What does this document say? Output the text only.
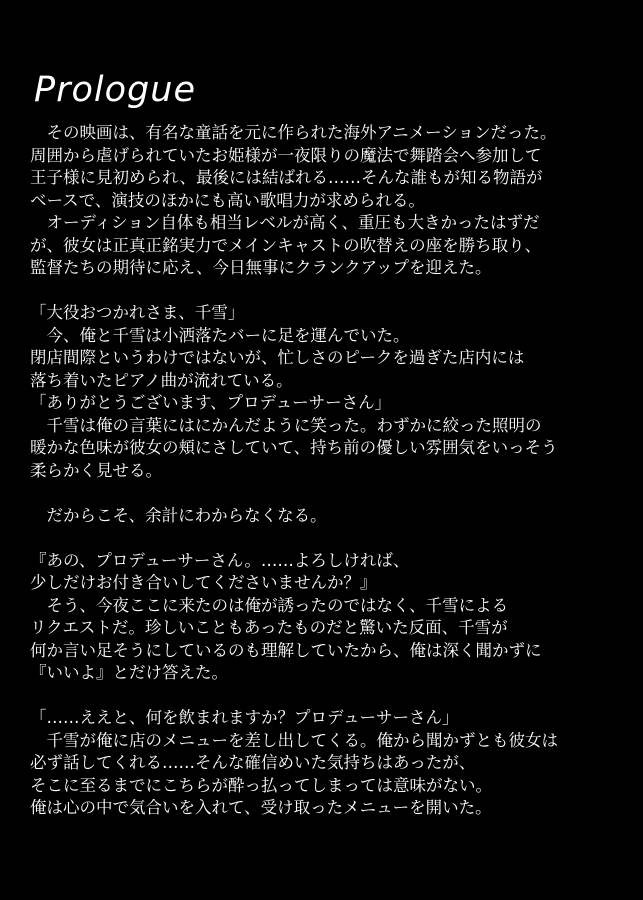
Prologue
　その映画は、有名な童話を元に作られた海外アニメーションだった。
周囲から虐げられていたお姫様が一夜限りの魔法で舞踏会へ参加して
王子様に見初められ、最後には結ばれる……そんな誰もが知る物語が
ベースで、演技のほかにも高い歌唱力が求められる。
　オーディション自体も相当レベルが高く、重圧も大きかったはずだ
が、彼女は正真正銘実力でメインキャストの吹替えの座を勝ち取り、
監督たちの期待に応え、今日無事にクランクアップを迎えた。
「大役おつかれさま、千雪」
　今、俺と千雪は小洒落たバーに足を運んでいた。
閉店間際というわけではないが、忙しさのピークを過ぎた店内には
落ち着いたピアノ曲が流れている。
「ありがとうございます、プロデューサーさん」
　千雪は俺の言葉にはにかんだように笑った。わずかに絞った照明の
暖かな色味が彼女の頬にさしていて、持ち前の優しい雰囲気をいっそう
柔らかく見せる。
　だからこそ、余計にわからなくなる。
『あの、プロデューサーさん。……よろしければ、
少しだけお付き合いしてくださいませんか？』
　そう、今夜ここに来たのは俺が誘ったのではなく、千雪による
リクエストだ。珍しいこともあったものだと驚いた反面、千雪が
何か言い足そうにしているのも理解していたから、俺は深く聞かずに
『いいよ』とだけ答えた。
「……ええと、何を飲まれますか？プロデューサーさん」
　千雪が俺に店のメニューを差し出してくる。俺から聞かずとも彼女は
必ず話してくれる……そんな確信めいた気持ちはあったが、
そこに至るまでにこちらが酔っ払ってしまっては意味がない。
俺は心の中で気合いを入れて、受け取ったメニューを開いた。
